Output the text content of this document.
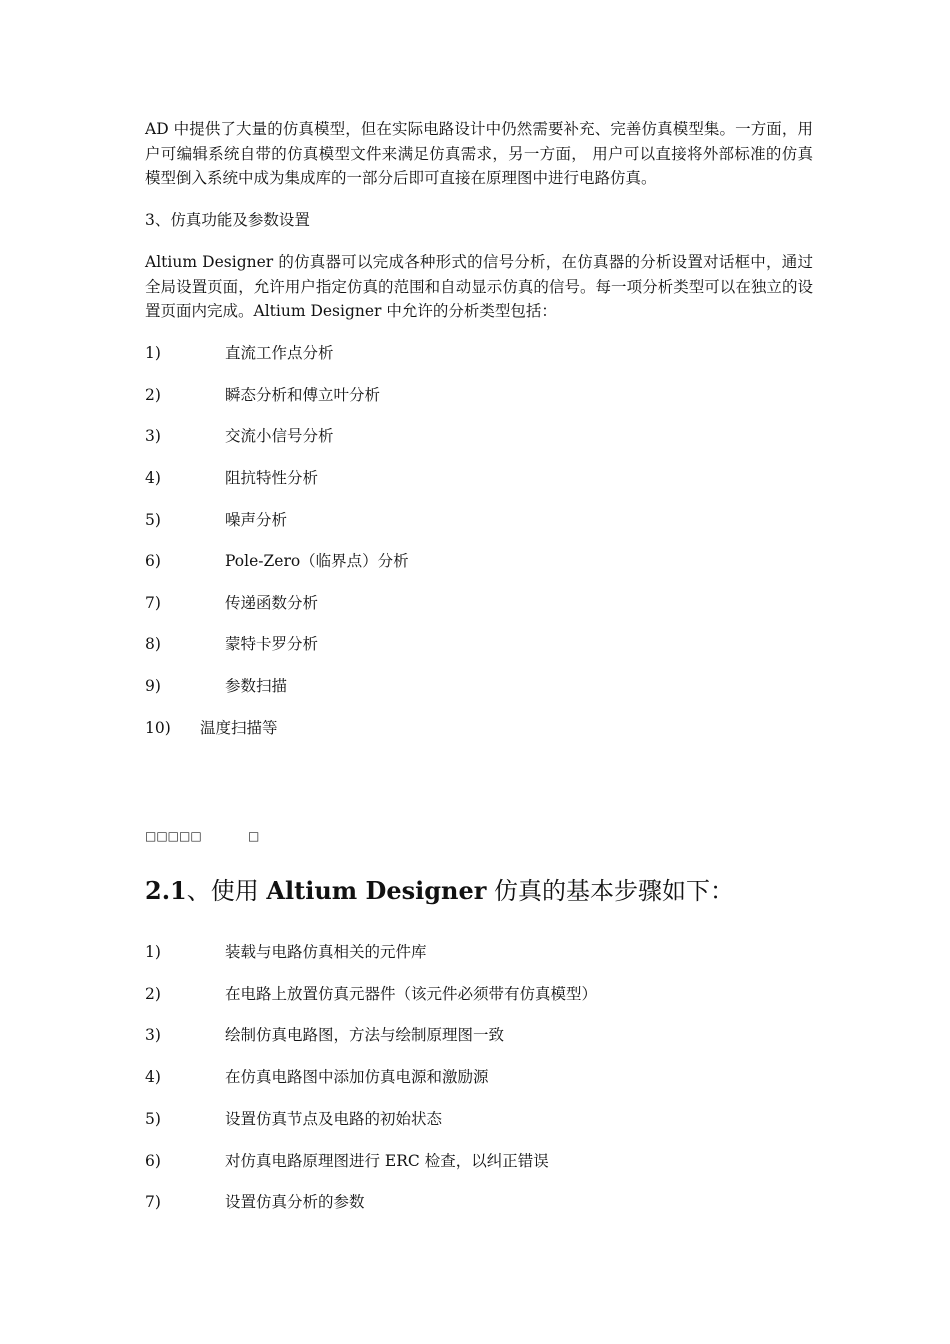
AD 中提供了大量的仿真模型，但在实际电路设计中仍然需要补充、完善仿真模型集。一方面，用户可编辑系统自带的仿真模型文件来满足仿真需求，另一方面， 用户可以直接将外部标准的仿真模型倒入系统中成为集成库的一部分后即可直接在原理图中进行电路仿真。

3、仿真功能及参数设置

Altium Designer 的仿真器可以完成各种形式的信号分析，在仿真器的分析设置对话框中，通过全局设置页面，允许用户指定仿真的范围和自动显示仿真的信号。每一项分析类型可以在独立的设置页面内完成。Altium Designer 中允许的分析类型包括：

1)	直流工作点分析
2)	瞬态分析和傅立叶分析
3)	交流小信号分析
4)	阻抗特性分析
5)	噪声分析
6)	Pole-Zero（临界点）分析
7)	传递函数分析
8)	蒙特卡罗分析
9)	参数扫描
10) 温度扫描等
□□□□□	□
2.1、使用 Altium Designer 仿真的基本步骤如下：
1)	装载与电路仿真相关的元件库
2)	在电路上放置仿真元器件（该元件必须带有仿真模型）
3)	绘制仿真电路图，方法与绘制原理图一致
4)	在仿真电路图中添加仿真电源和激励源
5)	设置仿真节点及电路的初始状态
6)	对仿真电路原理图进行 ERC 检查，以纠正错误
7)	设置仿真分析的参数
